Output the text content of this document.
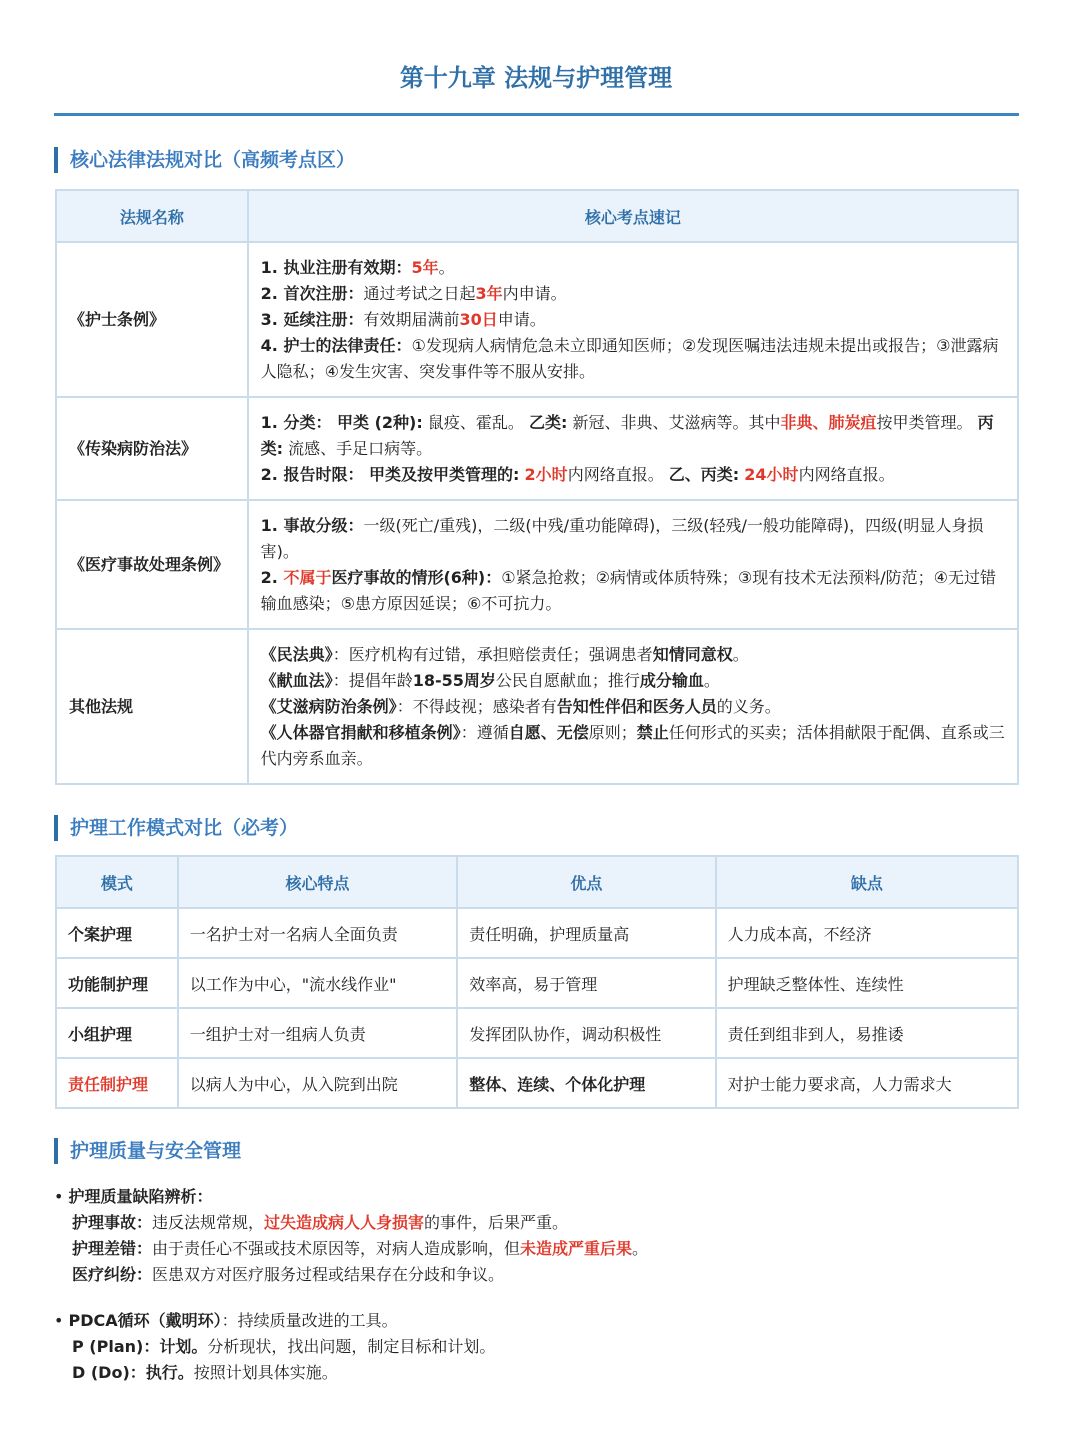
第十九章 法规与护理管理
核心法律法规对比（高频考点区）
法规名称	核心考点速记
《护士条例》	1. 执业注册有效期：5年。

2. 首次注册：通过考试之日起3年内申请。

3. 延续注册：有效期届满前30日申请。

4. 护士的法律责任：①发现病人病情危急未立即通知医师；②发现医嘱违法违规未提出或报告；③泄露病人隐私；④发生灾害、突发事件等不服从安排。

《传染病防治法》	1. 分类： 甲类 (2种): 鼠疫、霍乱。 乙类: 新冠、非典、艾滋病等。其中非典、肺炭疽按甲类管理。 丙类: 流感、手足口病等。

2. 报告时限： 甲类及按甲类管理的: 2小时内网络直报。 乙、丙类: 24小时内网络直报。

《医疗事故处理条例》	1. 事故分级：一级(死亡/重残)，二级(中残/重功能障碍)，三级(轻残/一般功能障碍)，四级(明显人身损害)。

2. 不属于医疗事故的情形(6种)：①紧急抢救；②病情或体质特殊；③现有技术无法预料/防范；④无过错输血感染；⑤患方原因延误；⑥不可抗力。

其他法规	《民法典》：医疗机构有过错，承担赔偿责任；强调患者知情同意权。

《献血法》：提倡年龄18-55周岁公民自愿献血；推行成分输血。

《艾滋病防治条例》：不得歧视；感染者有告知性伴侣和医务人员的义务。

《人体器官捐献和移植条例》：遵循自愿、无偿原则；禁止任何形式的买卖；活体捐献限于配偶、直系或三代内旁系血亲。

护理工作模式对比（必考）
模式	核心特点	优点	缺点
个案护理	一名护士对一名病人全面负责	责任明确，护理质量高	人力成本高，不经济
功能制护理	以工作为中心，"流水线作业"	效率高，易于管理	护理缺乏整体性、连续性
小组护理	一组护士对一组病人负责	发挥团队协作，调动积极性	责任到组非到人，易推诿
责任制护理	以病人为中心，从入院到出院	整体、连续、个体化护理	对护士能力要求高，人力需求大
护理质量与安全管理

• 护理质量缺陷辨析：

护理事故：违反法规常规，过失造成病人人身损害的事件，后果严重。

护理差错：由于责任心不强或技术原因等，对病人造成影响，但未造成严重后果。

医疗纠纷：医患双方对医疗服务过程或结果存在分歧和争议。

• PDCA循环（戴明环）：持续质量改进的工具。

P (Plan)：计划。分析现状，找出问题，制定目标和计划。

D (Do)：执行。按照计划具体实施。
